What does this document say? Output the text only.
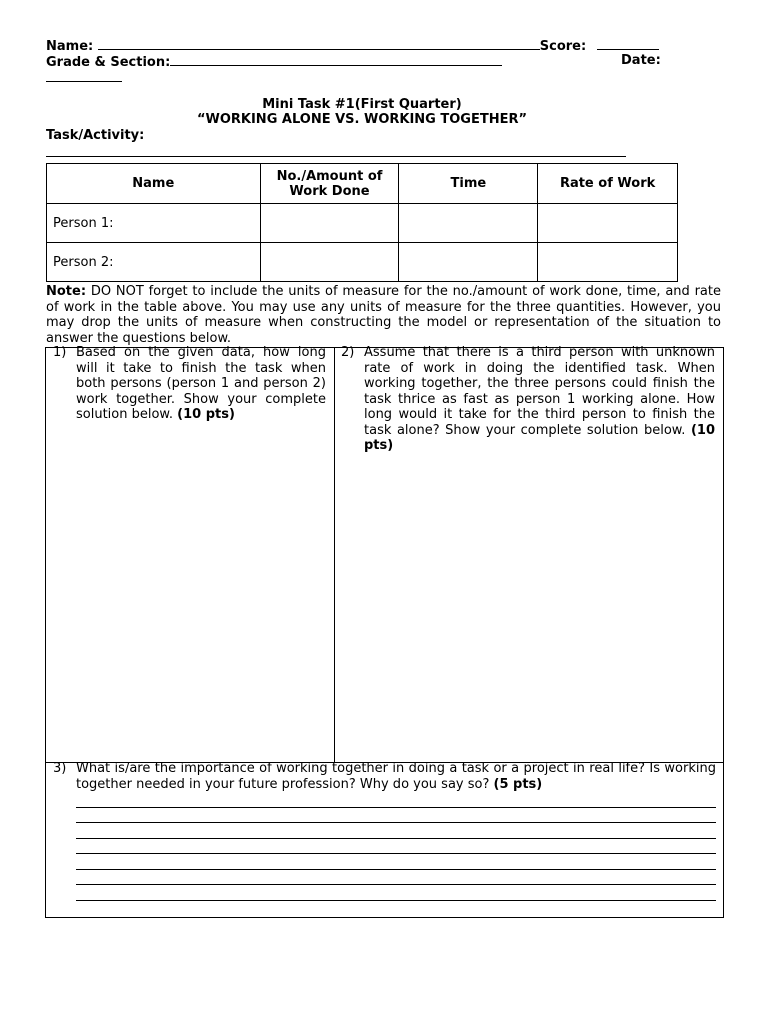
Name:	Score:
Grade & Section:	Date:
Mini Task #1(First Quarter)
“WORKING ALONE VS. WORKING TOGETHER”
Task/Activity:
Name	No./Amount of Work Done	Time	Rate of Work
Person 1:			
Person 2:			
Note: DO NOT forget to include the units of measure for the no./amount of work done, time, and rate of work in the table above. You may use any units of measure for the three quantities. However, you may drop the units of measure when constructing the model or representation of the situation to answer the questions below.
1) Based on the given data, how long will it take to finish the task when both persons (person 1 and person 2) work together. Show your complete solution below. (10 pts)
2) Assume that there is a third person with unknown rate of work in doing the identified task. When working together, the three persons could finish the task thrice as fast as person 1 working alone. How long would it take for the third person to finish the task alone? Show your complete solution below. (10 pts)
3) What is/are the importance of working together in doing a task or a project in real life? Is working together needed in your future profession? Why do you say so? (5 pts)
